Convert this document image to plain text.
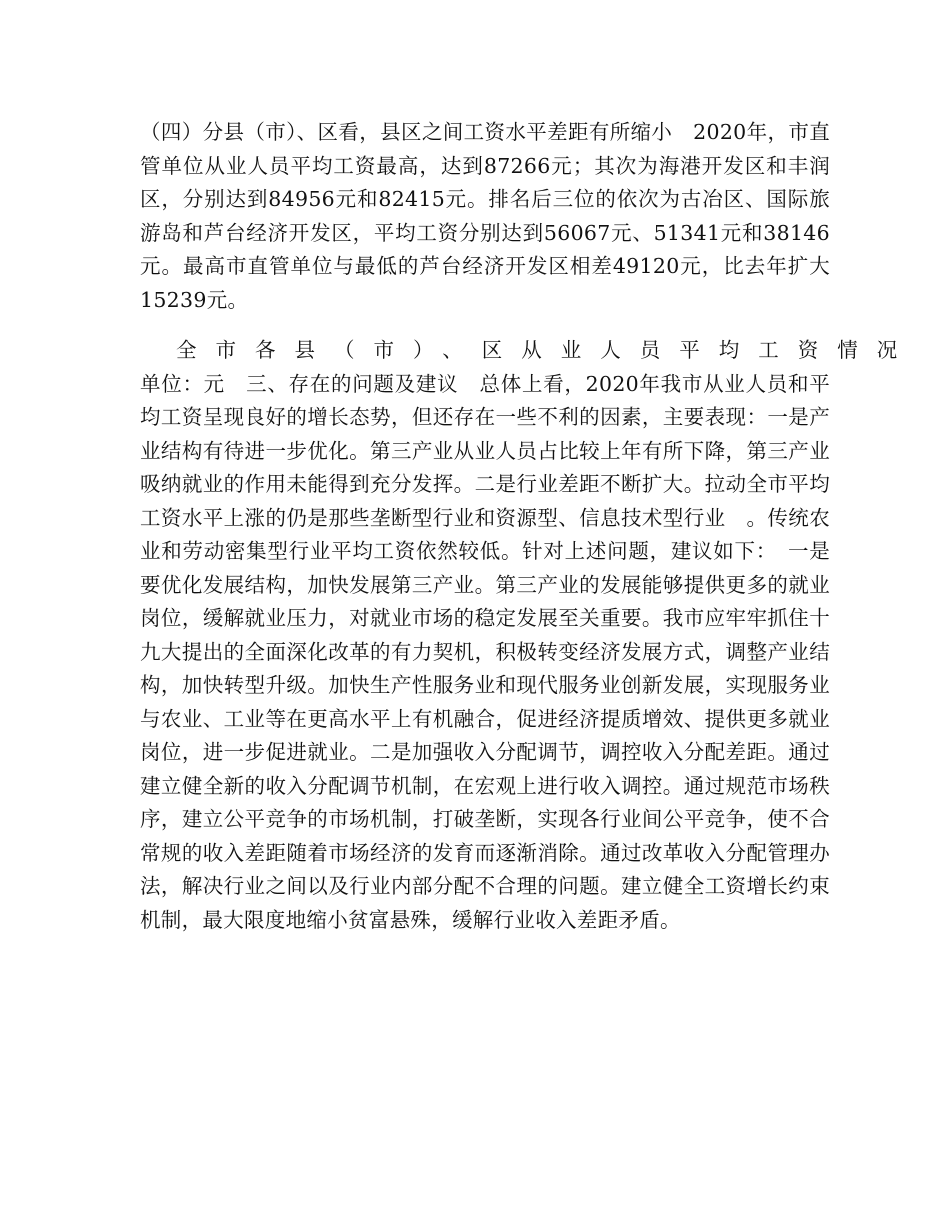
（四）分县（市）、区看，县区之间工资水平差距有所缩小　2020年，市直管单位从业人员平均工资最高，达到87266元；其次为海港开发区和丰润区，分别达到84956元和82415元。排名后三位的依次为古冶区、国际旅游岛和芦台经济开发区，平均工资分别达到56067元、51341元和38146元。最高市直管单位与最低的芦台经济开发区相差49120元，比去年扩大15239元。
全市各县（市）、区从业人员平均工资情况
单位：元　三、存在的问题及建议　总体上看，2020年我市从业人员和平均工资呈现良好的增长态势，但还存在一些不利的因素，主要表现：一是产业结构有待进一步优化。第三产业从业人员占比较上年有所下降，第三产业吸纳就业的作用未能得到充分发挥。二是行业差距不断扩大。拉动全市平均工资水平上涨的仍是那些垄断型行业和资源型、信息技术型行业　。传统农业和劳动密集型行业平均工资依然较低。针对上述问题，建议如下：　一是要优化发展结构，加快发展第三产业。第三产业的发展能够提供更多的就业岗位，缓解就业压力，对就业市场的稳定发展至关重要。我市应牢牢抓住十九大提出的全面深化改革的有力契机，积极转变经济发展方式，调整产业结构，加快转型升级。加快生产性服务业和现代服务业创新发展，实现服务业与农业、工业等在更高水平上有机融合，促进经济提质增效、提供更多就业岗位，进一步促进就业。二是加强收入分配调节，调控收入分配差距。通过建立健全新的收入分配调节机制，在宏观上进行收入调控。通过规范市场秩序，建立公平竞争的市场机制，打破垄断，实现各行业间公平竞争，使不合常规的收入差距随着市场经济的发育而逐渐消除。通过改革收入分配管理办法，解决行业之间以及行业内部分配不合理的问题。建立健全工资增长约束机制，最大限度地缩小贫富悬殊，缓解行业收入差距矛盾。
